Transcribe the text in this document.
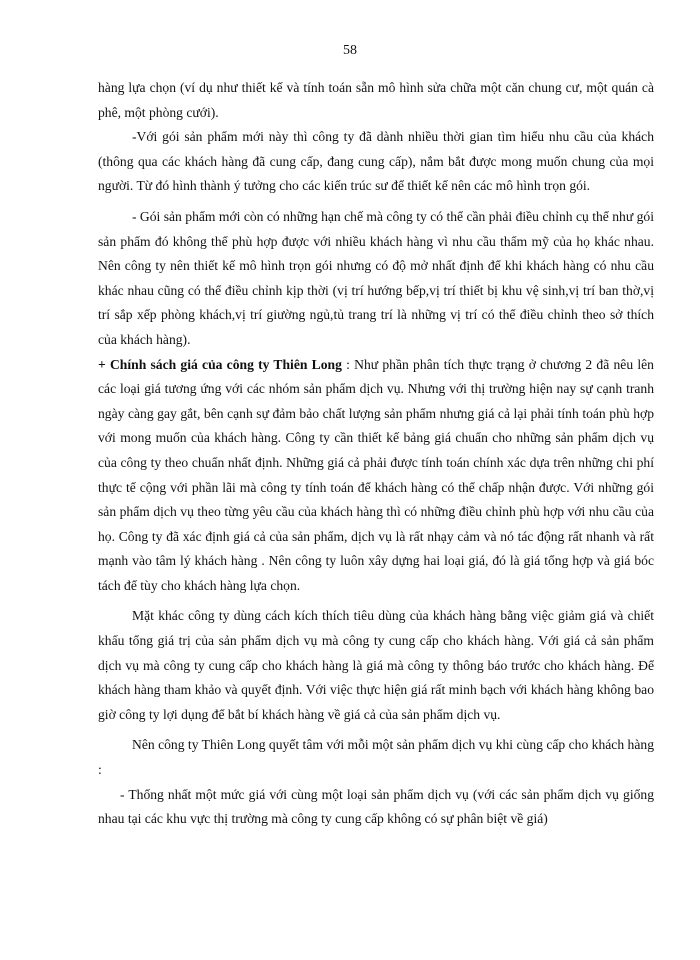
58

hàng lựa chọn (ví dụ như thiết kế và tính toán sẵn mô hình sửa chữa một căn chung cư, một quán cà phê, một phòng cưới).

-Với gói sản phẩm mới này thì công ty đã dành nhiều thời gian tìm hiểu nhu cầu của khách (thông qua các khách hàng đã cung cấp, đang cung cấp), nắm bắt được mong muốn chung của mọi người. Từ đó hình thành ý tưởng cho các kiến trúc sư để thiết kế nên các mô hình trọn gói.

- Gói sản phẩm mới còn có những hạn chế mà công ty có thể cần phải điều chỉnh cụ thể như gói sản phẩm đó không thể phù hợp được với nhiều khách hàng vì nhu cầu thẩm mỹ của họ khác nhau. Nên công ty nên thiết kế mô hình trọn gói nhưng có độ mở nhất định để khi khách hàng có nhu cầu khác nhau cũng có thể điều chỉnh kịp thời (vị trí hướng bếp,vị trí thiết bị khu vệ sinh,vị trí ban thờ,vị trí sắp xếp phòng khách,vị trí giường ngủ,tủ trang trí là những vị trí có thể điều chỉnh theo sở thích của khách hàng).

+ Chính sách giá của công ty Thiên Long : Như phần phân tích thực trạng ở chương 2 đã nêu lên các loại giá tương ứng với các nhóm sản phẩm dịch vụ. Nhưng với thị trường hiện nay sự cạnh tranh ngày càng gay gắt, bên cạnh sự đảm bảo chất lượng sản phẩm nhưng giá cả lại phải tính toán phù hợp với mong muốn của khách hàng. Công ty cần thiết kế bảng giá chuẩn cho những sản phẩm dịch vụ của công ty theo chuẩn nhất định. Những giá cả phải được tính toán chính xác dựa trên những chi phí thực tế cộng với phần lãi mà công ty tính toán để khách hàng có thể chấp nhận được. Với những gói sản phẩm dịch vụ theo từng yêu cầu của khách hàng thì có những điều chỉnh phù hợp với nhu cầu của họ. Công ty đã xác định giá cả của sản phẩm, dịch vụ là rất nhạy cảm và nó tác động rất nhanh và rất mạnh vào tâm lý khách hàng . Nên công ty luôn xây dựng hai loại giá, đó là giá tổng hợp và giá bóc tách để tùy cho khách hàng lựa chọn.

Mặt khác công ty dùng cách kích thích tiêu dùng của khách hàng bằng việc giảm giá và chiết khấu tổng giá trị của sản phẩm dịch vụ mà công ty cung cấp cho khách hàng. Với giá cả sản phẩm dịch vụ mà công ty cung cấp cho khách hàng là giá mà công ty thông báo trước cho khách hàng. Để khách hàng tham khảo và quyết định. Với việc thực hiện giá rất minh bạch với khách hàng không bao giờ công ty lợi dụng để bắt bí khách hàng về giá cả của sản phẩm dịch vụ.

Nên công ty Thiên Long quyết tâm với mỗi một sản phẩm dịch vụ khi cùng cấp cho khách hàng :

- Thống nhất một mức giá với cùng một loại sản phẩm dịch vụ (với các sản phẩm dịch vụ giống nhau tại các khu vực thị trường mà công ty cung cấp không có sự phân biệt về giá)
